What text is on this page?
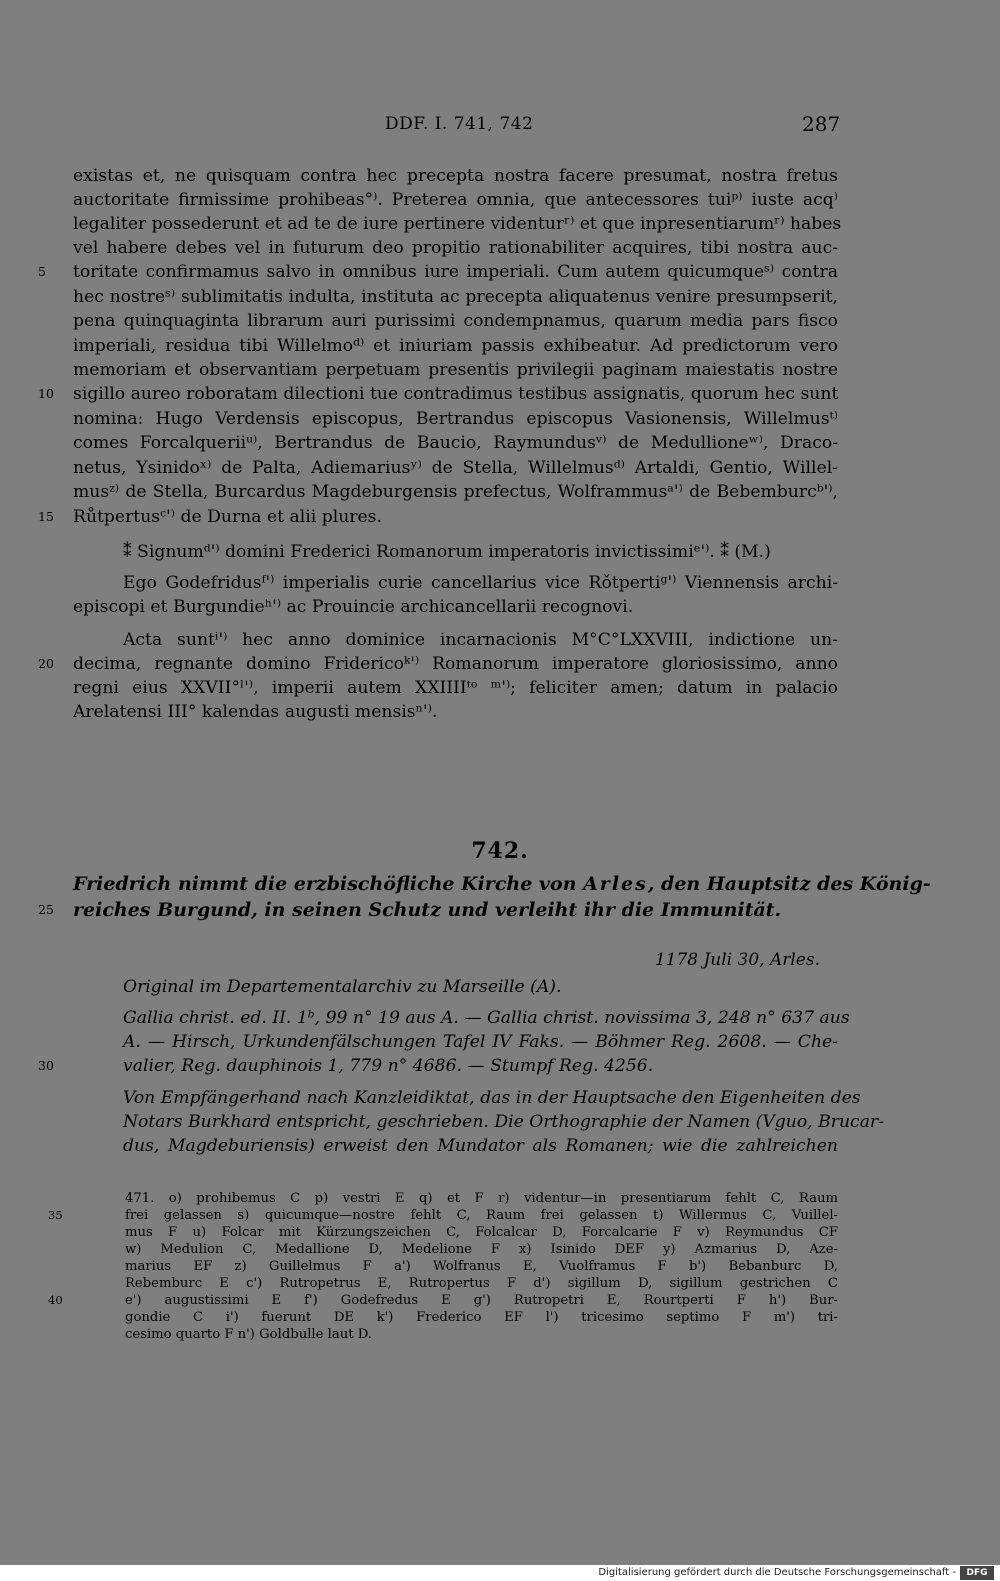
DDF. I. 741, 742	287
existas et, ne quisquam contra hec precepta nostra facere presumat, nostra fretus
auctoritate firmissime prohibeas°⁾. Preterea omnia, que antecessores tuiᵖ⁾ iuste acq⁾
legaliter possederunt et ad te de iure pertinere videnturʳ⁾ et que inpresentiarumʳ⁾ habes
vel habere debes vel in futurum deo propitio rationabiliter acquires, tibi nostra auc-
5	toritate confirmamus salvo in omnibus iure imperiali. Cum autem quicumqueˢ⁾ contra
hec nostreˢ⁾ sublimitatis indulta, instituta ac precepta aliquatenus venire presumpserit,
pena quinquaginta librarum auri purissimi condempnamus, quarum media pars fisco
imperiali, residua tibi Willelmoᵈ⁾ et iniuriam passis exhibeatur. Ad predictorum vero
memoriam et observantiam perpetuam presentis privilegii paginam maiestatis nostre
10	sigillo aureo roboratam dilectioni tue contradimus testibus assignatis, quorum hec sunt
nomina: Hugo Verdensis episcopus, Bertrandus episcopus Vasionensis, Willelmusᵗ⁾
comes Forcalqueriiᵘ⁾, Bertrandus de Baucio, Raymundusᵛ⁾ de Medullioneʷ⁾, Draco-
netus, Ysinidoˣ⁾ de Palta, Adiemariusʸ⁾ de Stella, Willelmusᵈ⁾ Artaldi, Gentio, Willel-
musᶻ⁾ de Stella, Burcardus Magdeburgensis prefectus, Wolframmusᵃ'⁾ de Bebemburcᵇ'⁾,
15	Růtpertusᶜ'⁾ de Durna et alii plures.
⁑ Signumᵈ'⁾ domini Frederici Romanorum imperatoris invictissimiᵉ'⁾. ⁑ (M.)
Ego Godefridusᶠ'⁾ imperialis curie cancellarius vice Rǒtpertiᵍ'⁾ Viennensis archi-
episcopi et Burgundieʰ'⁾ ac Prouincie archicancellarii recognovi.
Acta suntⁱ'⁾ hec anno dominice incarnacionis M°C°LXXVIII, indictione un-
20	decima, regnante domino Fridericoᵏ'⁾ Romanorum imperatore gloriosissimo, anno
regni eius XXVII°ˡ'⁾, imperii autem XXIIIIᵗᵒ ᵐ'⁾; feliciter amen; datum in palacio
Arelatensi III° kalendas augusti mensisⁿ'⁾.
742.
Friedrich nimmt die erzbischöfliche Kirche von Arles, den Hauptsitz des König-
25	reiches Burgund, in seinen Schutz und verleiht ihr die Immunität.
1178 Juli 30, Arles.
Original im Departementalarchiv zu Marseille (A).
Gallia christ. ed. II. 1ᵇ, 99 n° 19 aus A. — Gallia christ. novissima 3, 248 n° 637 aus
A. — Hirsch, Urkundenfälschungen Tafel IV Faks. — Böhmer Reg. 2608. — Che-
30	valier, Reg. dauphinois 1, 779 n° 4686. — Stumpf Reg. 4256.
Von Empfängerhand nach Kanzleidiktat, das in der Hauptsache den Eigenheiten des
Notars Burkhard entspricht, geschrieben. Die Orthographie der Namen (Vguo, Brucar-
dus, Magdeburiensis) erweist den Mundator als Romanen; wie die zahlreichen
471. o) prohibemus C p) vestri E q) et F r) videntur—in presentiarum fehlt C, Raum
35	frei gelassen s) quicumque—nostre fehlt C, Raum frei gelassen t) Willermus C, Vuillel-
mus F u) Folcar mit Kürzungszeichen C, Folcalcar D, Forcalcarie F v) Reymundus CF
w) Medulion C, Medallione D, Medelione F x) Isinido DEF y) Azmarius D, Aze-
marius EF z) Guillelmus F a') Wolfranus E, Vuolframus F b') Bebanburc D,
Rebemburc E c') Rutropetrus E, Rutropertus F d') sigillum D, sigillum gestrichen C
40	e') augustissimi E f') Godefredus E g') Rutropetri E, Rourtperti F h') Bur-
gondie C i') fuerunt DE k') Frederico EF l') tricesimo septimo F m') tri-
cesimo quarto F n') Goldbulle laut D.
Digitalisierung gefördert durch die Deutsche Forschungsgemeinschaft -	DFG
